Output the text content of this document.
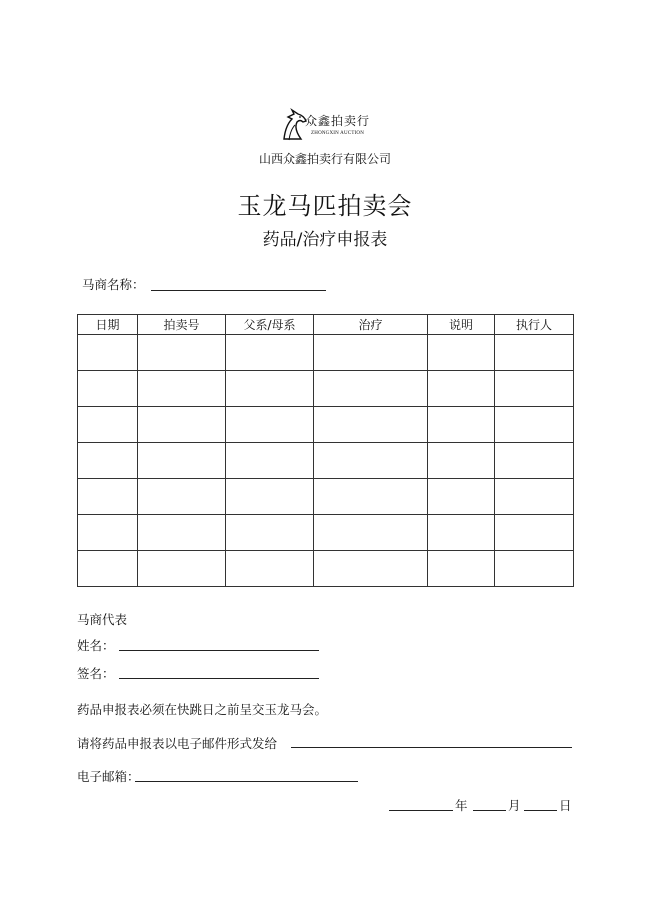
众鑫拍卖行
ZHONGXIN AUCTION
山西众鑫拍卖行有限公司
玉龙马匹拍卖会
药品/治疗申报表
马商名称：
日期	拍卖号	父系/母系	治疗	说明	执行人

马商代表
姓名：
签名：
药品申报表必须在快跳日之前呈交玉龙马会。
请将药品申报表以电子邮件形式发给
电子邮箱：
年	月	日
